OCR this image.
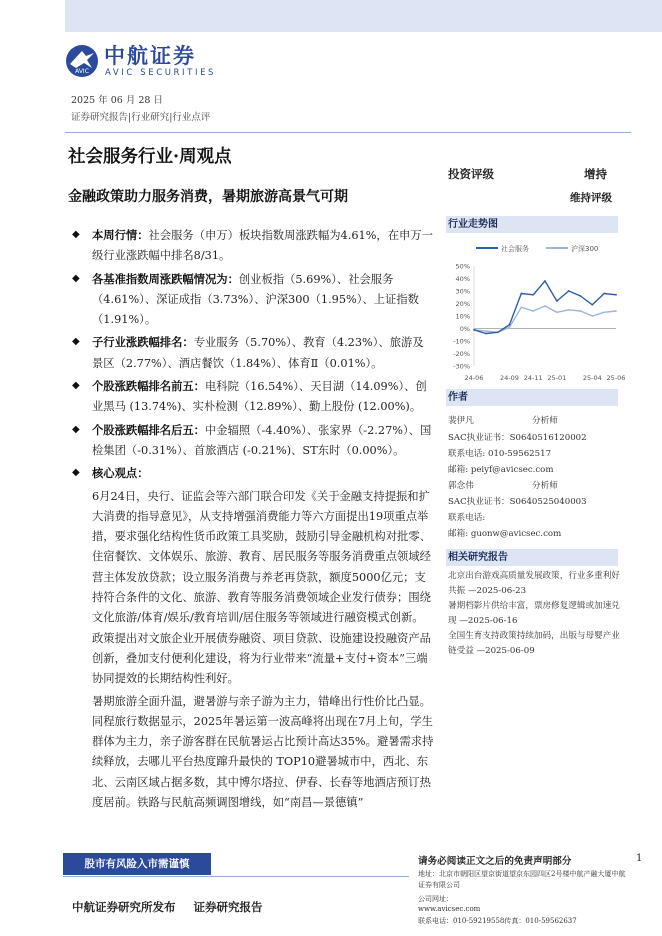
AVIC
中航证券
AVIC SECURITIES
2025 年 06 月 28 日
证券研究报告|行业研究|行业点评
社会服务行业·周观点
金融政策助力服务消费，暑期旅游高景气可期
投资评级	增持
维持评级
◆ 本周行情：社会服务（申万）板块指数周涨跌幅为4.61%，在申万一级行业涨跌幅中排名8/31。
◆ 各基准指数周涨跌幅情况为：创业板指（5.69%）、社会服务（4.61%）、深证成指（3.73%）、沪深300（1.95%）、上证指数（1.91%）。
◆ 子行业涨跌幅排名：专业服务（5.70%）、教育（4.23%）、旅游及景区（2.77%）、酒店餐饮（1.84%）、体育Ⅱ（0.01%）。
◆ 个股涨跌幅排名前五：电科院（16.54%）、天目湖（14.09%）、创业黑马 (13.74%)、实朴检测（12.89%）、勤上股份 (12.00%)。
◆ 个股涨跌幅排名后五：中金辐照（-4.40%）、张家界（-2.27%）、国检集团（-0.31%）、首旅酒店 (-0.21%)、ST东时（0.00%）。
◆ 核心观点：

6月24日，央行、证监会等六部门联合印发《关于金融支持提振和扩大消费的指导意见》，从支持增强消费能力等六方面提出19项重点举措，要求强化结构性货币政策工具奖励，鼓励引导金融机构对批零、住宿餐饮、文体娱乐、旅游、教育、居民服务等服务消费重点领域经营主体发放贷款；设立服务消费与养老再贷款，额度5000亿元；支持符合条件的文化、旅游、教育等服务消费领域企业发行债券；围绕文化旅游/体育/娱乐/教育培训/居住服务等领域进行融资模式创新。政策提出对文旅企业开展债券融资、项目贷款、设施建设投融资产品创新，叠加支付便利化建设，将为行业带来“流量+支付+资本”三端协同提效的长期结构性利好。

暑期旅游全面升温，避暑游与亲子游为主力，错峰出行性价比凸显。同程旅行数据显示，2025年暑运第一波高峰将出现在7月上旬，学生群体为主力，亲子游客群在民航暑运占比预计高达35%。避暑需求持续释放，去哪儿平台热度蹿升最快的 TOP10避暑城市中，西北、东北、云南区域占据多数，其中博尔塔拉、伊春、长春等地酒店预订热度居前。铁路与民航高频调图增线，如“南昌—景德镇”

行业走势图
社会服务	沪深300
50%
40%
30%
20%
10%
0%
-10%
-20%
-30%
24-06	24-09 24-11 25-01	25-04 25-06
作者
裴伊凡	分析师
SAC执业证书：S0640516120002
联系电话: 010-59562517
邮箱: peiyf@avicsec.com
郭念伟	分析师
SAC执业证书：S0640525040003
联系电话:
邮箱: guonw@avicsec.com
相关研究报告
北京出台游戏高质量发展政策，行业多重利好共振 —2025-06-23
暑期档影片供给丰富，票房修复逻辑或加速兑现 —2025-06-16
全国生育支持政策持续加码，出版与母婴产业链受益 —2025-06-09
股市有风险入市需谨慎	请务必阅读正文之后的免责声明部分	1
地址：北京市朝阳区望京街道望京东园四区2号楼中航产融大厦中航证券有限公司
公司网址：
www.avicsec.com
联系电话：010-59219558传真：010-59562637
中航证券研究所发布 证券研究报告
